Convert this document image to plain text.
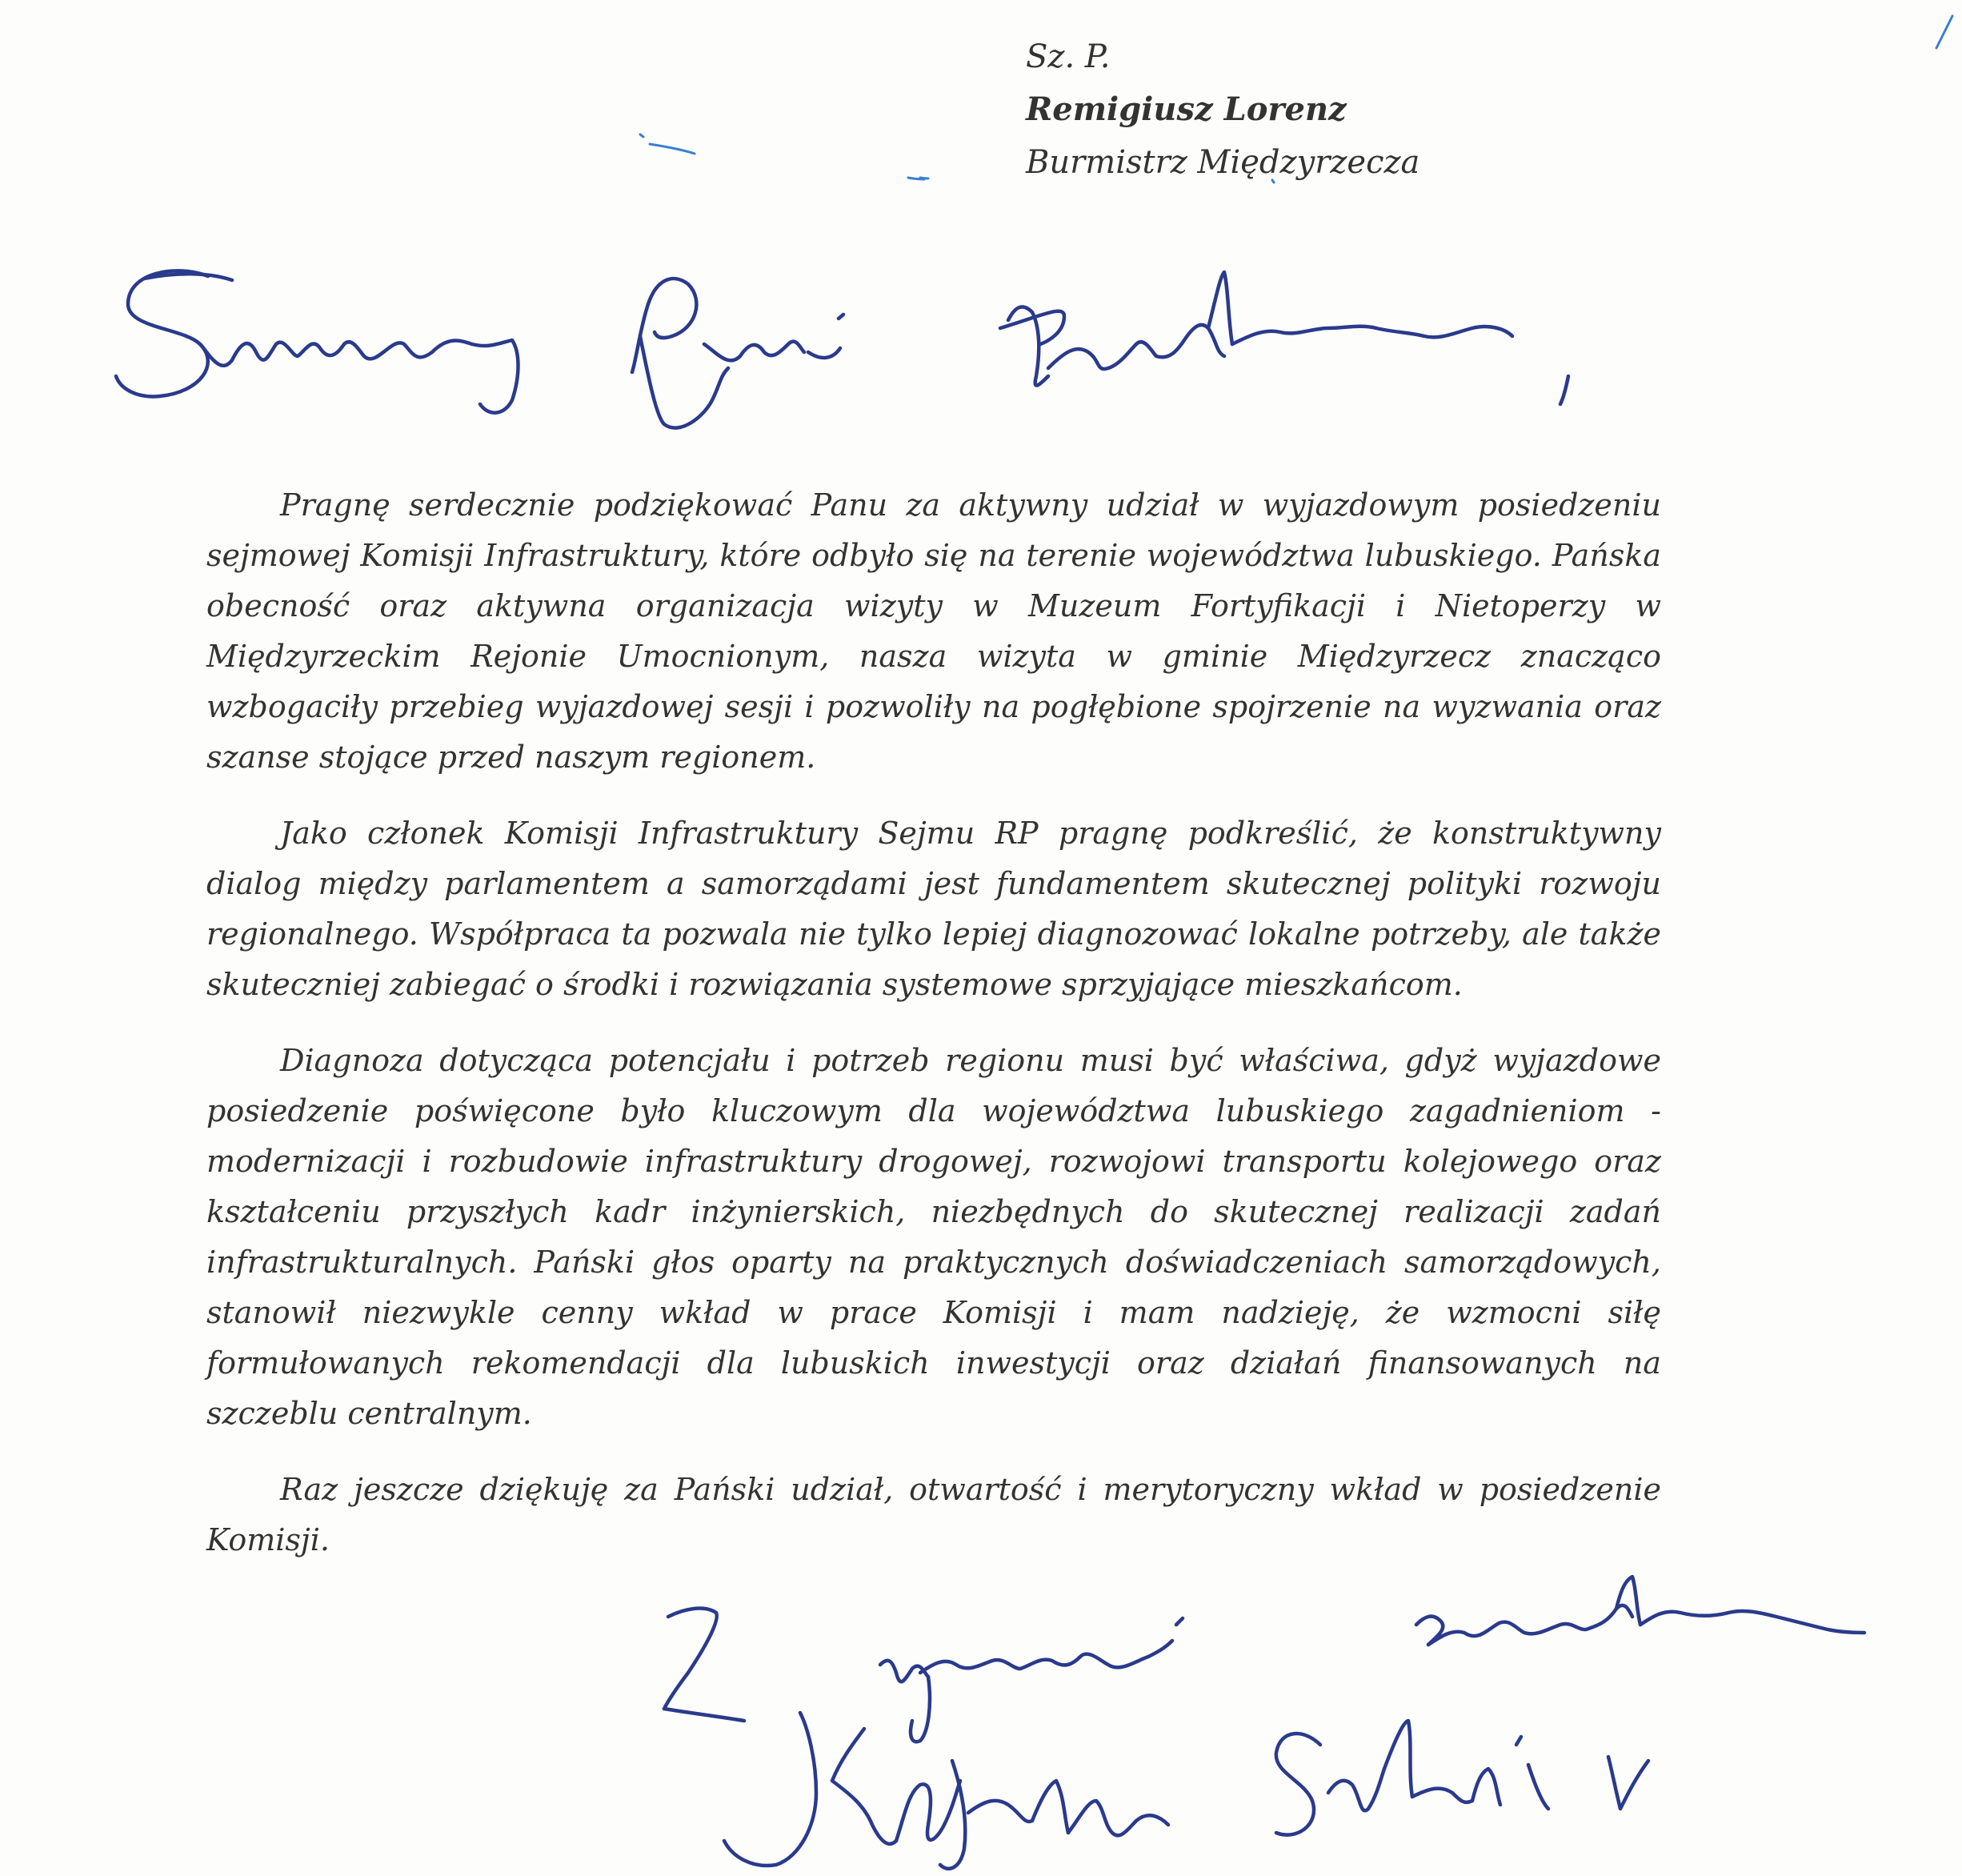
Sz. P.
Remigiusz Lorenz
Burmistrz Międzyrzecza

Pragnę serdecznie podziękować Panu za aktywny udział w wyjazdowym posiedzeniu sejmowej Komisji Infrastruktury, które odbyło się na terenie województwa lubuskiego. Pańska obecność oraz aktywna organizacja wizyty w Muzeum Fortyfikacji i Nietoperzy w Międzyrzeckim Rejonie Umocnionym, nasza wizyta w gminie Międzyrzecz znacząco wzbogaciły przebieg wyjazdowej sesji i pozwoliły na pogłębione spojrzenie na wyzwania oraz szanse stojące przed naszym regionem.

Jako członek Komisji Infrastruktury Sejmu RP pragnę podkreślić, że konstruktywny dialog między parlamentem a samorządami jest fundamentem skutecznej polityki rozwoju regionalnego. Współpraca ta pozwala nie tylko lepiej diagnozować lokalne potrzeby, ale także skuteczniej zabiegać o środki i rozwiązania systemowe sprzyjające mieszkańcom.

Diagnoza dotycząca potencjału i potrzeb regionu musi być właściwa, gdyż wyjazdowe posiedzenie poświęcone było kluczowym dla województwa lubuskiego zagadnieniom - modernizacji i rozbudowie infrastruktury drogowej, rozwojowi transportu kolejowego oraz kształceniu przyszłych kadr inżynierskich, niezbędnych do skutecznej realizacji zadań infrastrukturalnych. Pański głos oparty na praktycznych doświadczeniach samorządowych, stanowił niezwykle cenny wkład w prace Komisji i mam nadzieję, że wzmocni siłę formułowanych rekomendacji dla lubuskich inwestycji oraz działań finansowanych na szczeblu centralnym.

Raz jeszcze dziękuję za Pański udział, otwartość i merytoryczny wkład w posiedzenie Komisji.
